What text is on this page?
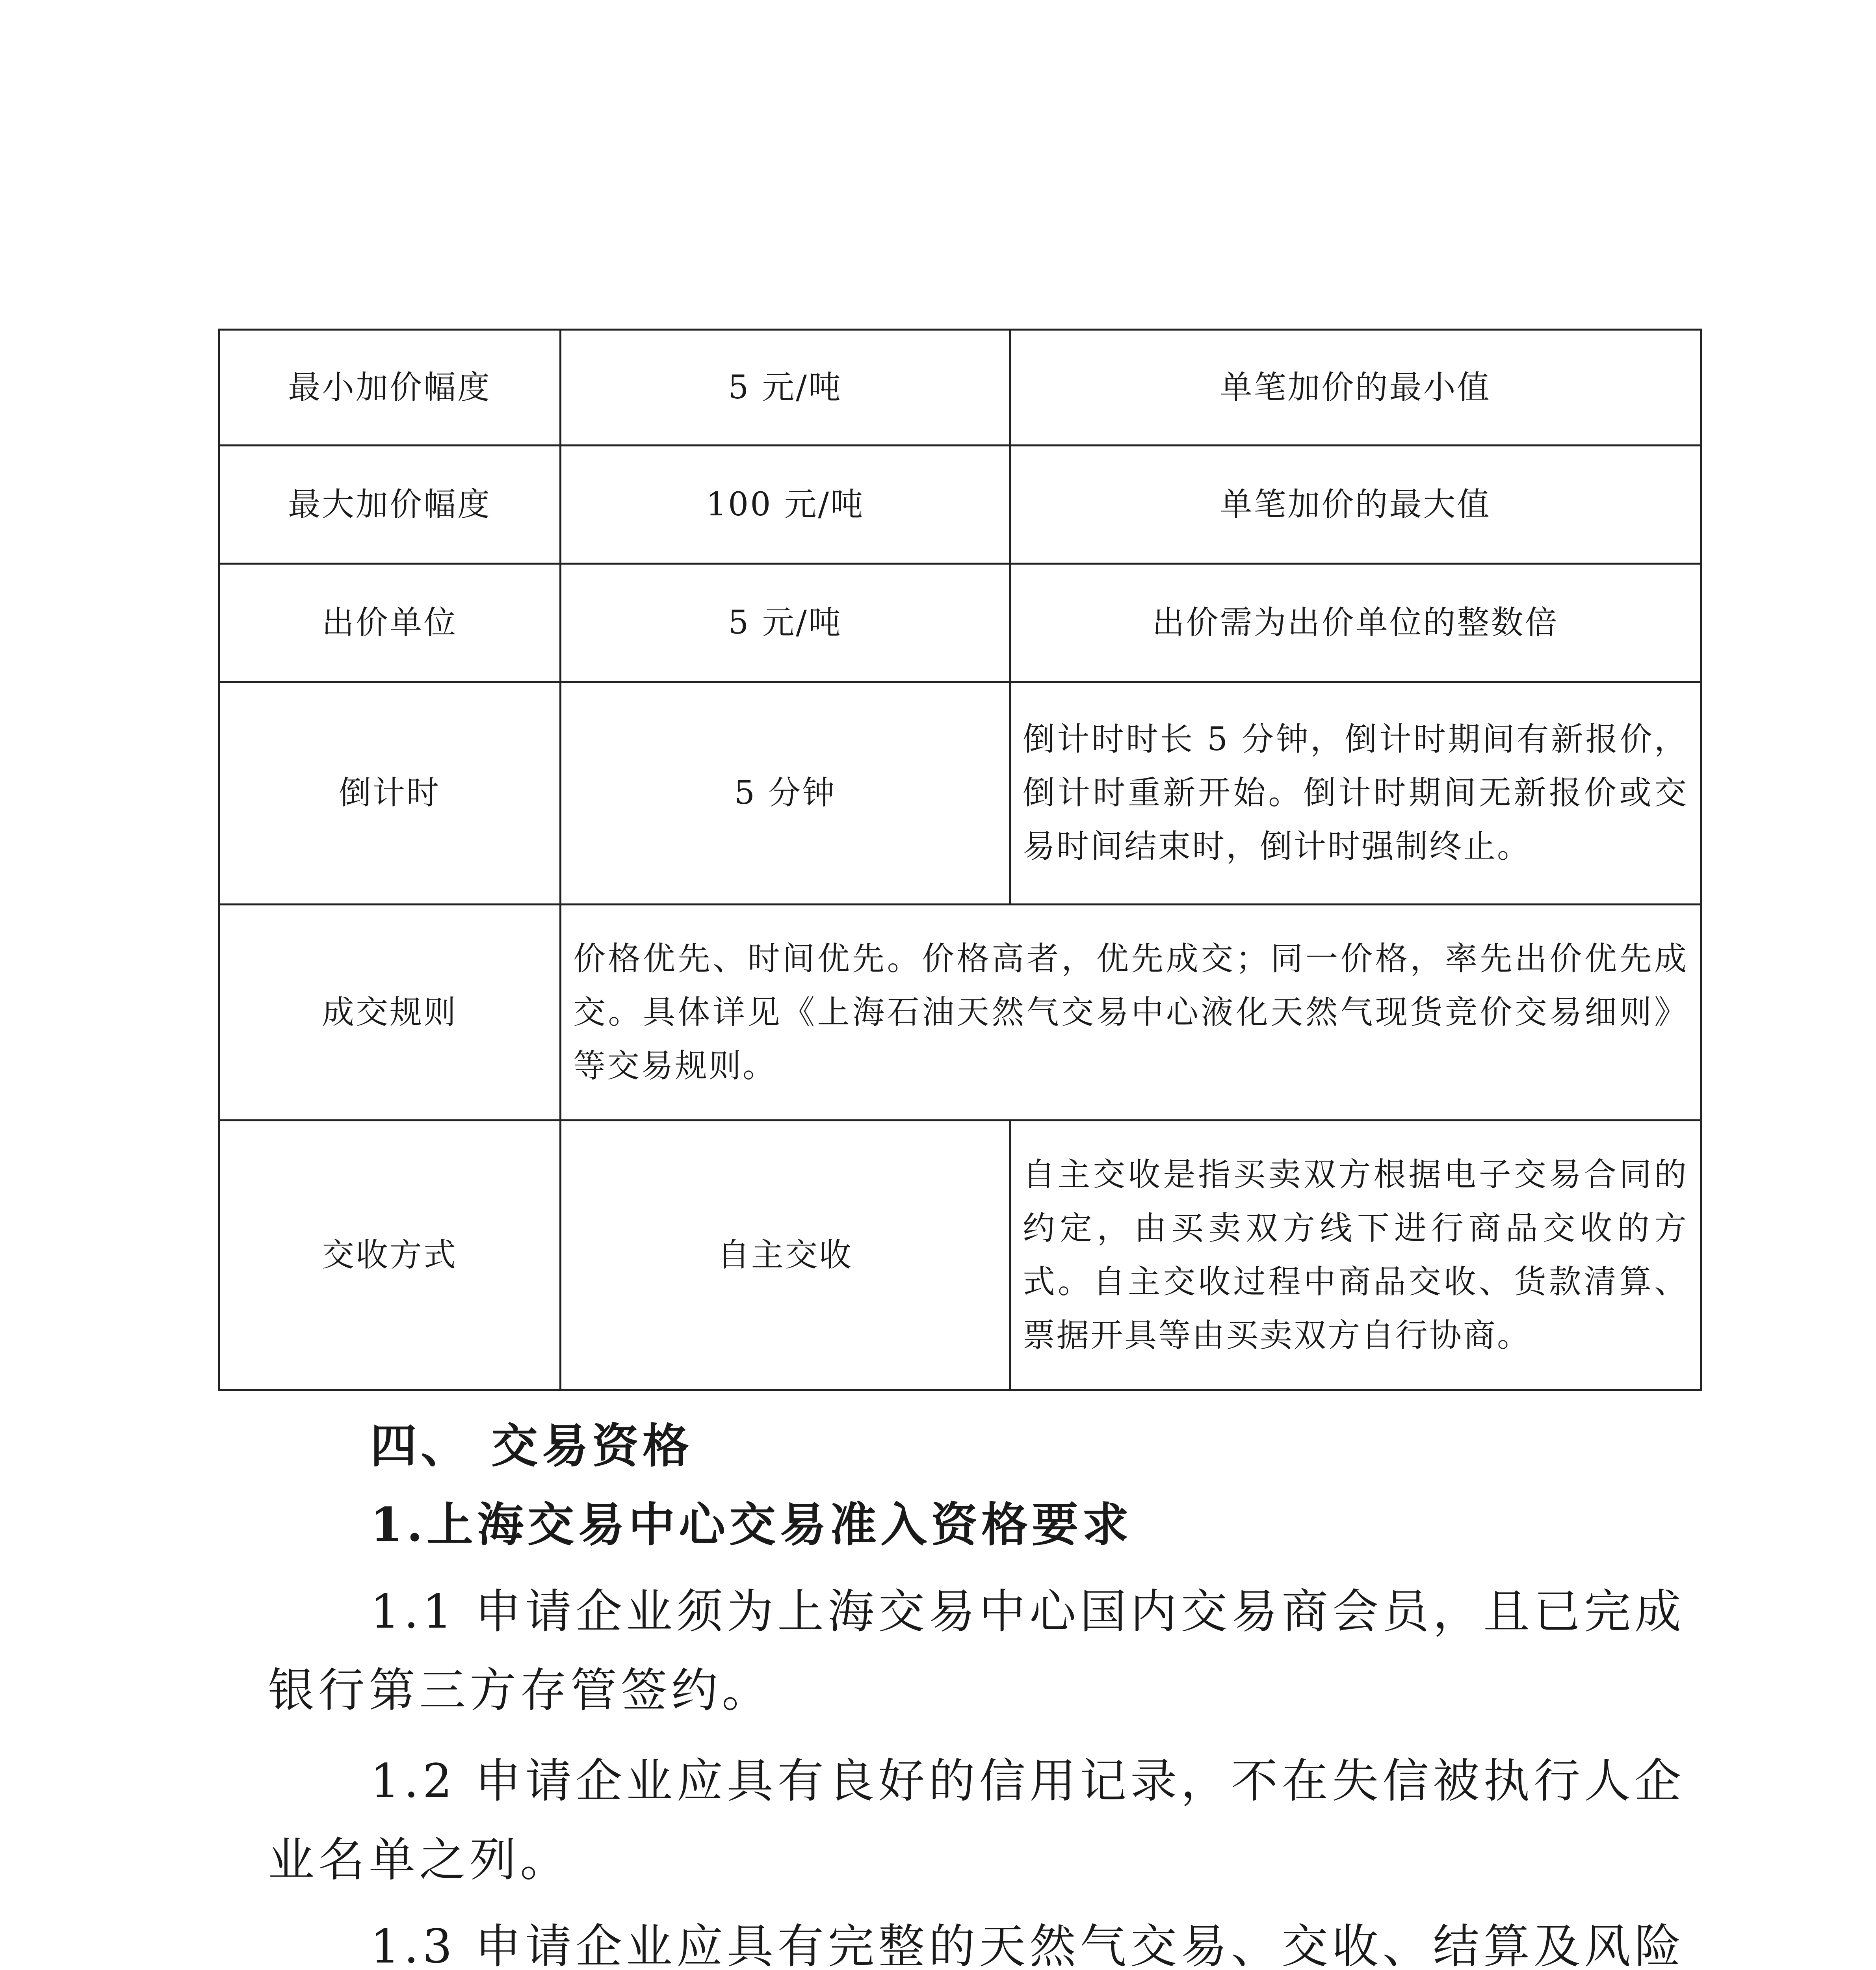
最小加价幅度	5 元/吨	单笔加价的最小值
最大加价幅度	100 元/吨	单笔加价的最大值
出价单位	5 元/吨	出价需为出价单位的整数倍
倒计时	5 分钟	倒计时时长 5 分钟，倒计时期间有新报价，倒计时重新开始。倒计时期间无新报价或交易时间结束时，倒计时强制终止。
成交规则	价格优先、时间优先。价格高者，优先成交；同一价格，率先出价优先成交。具体详见《上海石油天然气交易中心液化天然气现货竞价交易细则》等交易规则。	
交收方式	自主交收	自主交收是指买卖双方根据电子交易合同的约定，由买卖双方线下进行商品交收的方式。自主交收过程中商品交收、货款清算、票据开具等由买卖双方自行协商。

四、 交易资格

1.上海交易中心交易准入资格要求

1.1 申请企业须为上海交易中心国内交易商会员，且已完成

银行第三方存管签约。

1.2 申请企业应具有良好的信用记录，不在失信被执行人企

业名单之列。

1.3 申请企业应具有完整的天然气交易、交收、结算及风险
